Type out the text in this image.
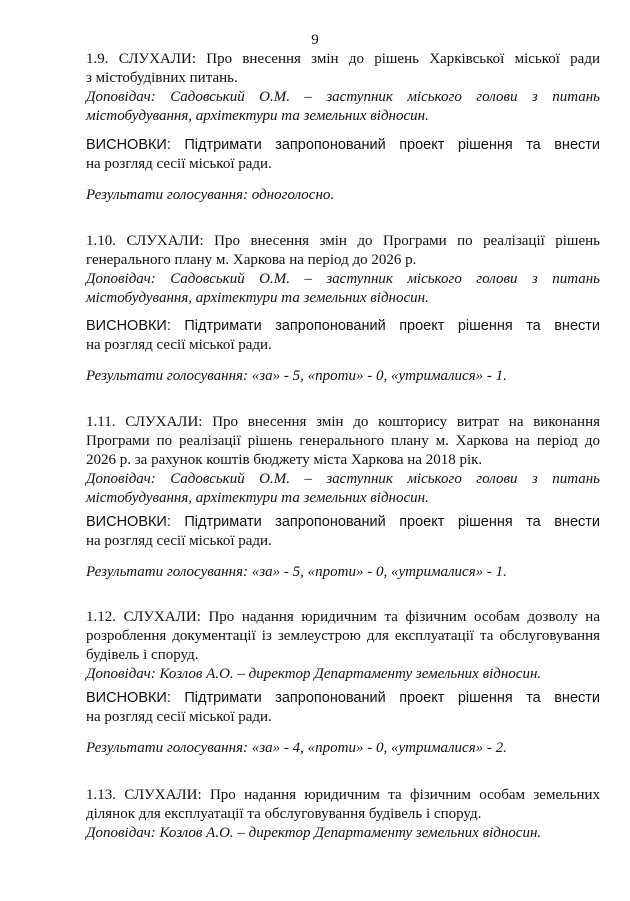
9
1.9. СЛУХАЛИ: Про внесення змін до рішень Харківської міської ради
з містобудівних питань.
Доповідач: Садовський О.М. – заступник міського голови з питань
містобудування, архітектури та земельних відносин.
ВИСНОВКИ: Підтримати запропонований проект рішення та внести
на розгляд сесії міської ради.
Результати голосування: одноголосно.
1.10. СЛУХАЛИ: Про внесення змін до Програми по реалізації рішень
генерального плану м. Харкова на період до 2026 р.
Доповідач: Садовський О.М. – заступник міського голови з питань
містобудування, архітектури та земельних відносин.
ВИСНОВКИ: Підтримати запропонований проект рішення та внести
на розгляд сесії міської ради.
Результати голосування: «за» - 5, «проти» - 0, «утрималися» - 1.
1.11. СЛУХАЛИ: Про внесення змін до кошторису витрат на виконання
Програми по реалізації рішень генерального плану м. Харкова на період до
2026 р. за рахунок коштів бюджету міста Харкова на 2018 рік.
Доповідач: Садовський О.М. – заступник міського голови з питань
містобудування, архітектури та земельних відносин.
ВИСНОВКИ: Підтримати запропонований проект рішення та внести
на розгляд сесії міської ради.
Результати голосування: «за» - 5, «проти» - 0, «утрималися» - 1.
1.12. СЛУХАЛИ: Про надання юридичним та фізичним особам дозволу на
розроблення документації із землеустрою для експлуатації та обслуговування
будівель і споруд.
Доповідач: Козлов А.О. – директор Департаменту земельних відносин.
ВИСНОВКИ: Підтримати запропонований проект рішення та внести
на розгляд сесії міської ради.
Результати голосування: «за» - 4, «проти» - 0, «утрималися» - 2.
1.13. СЛУХАЛИ: Про надання юридичним та фізичним особам земельних
ділянок для експлуатації та обслуговування будівель і споруд.
Доповідач: Козлов А.О. – директор Департаменту земельних відносин.
